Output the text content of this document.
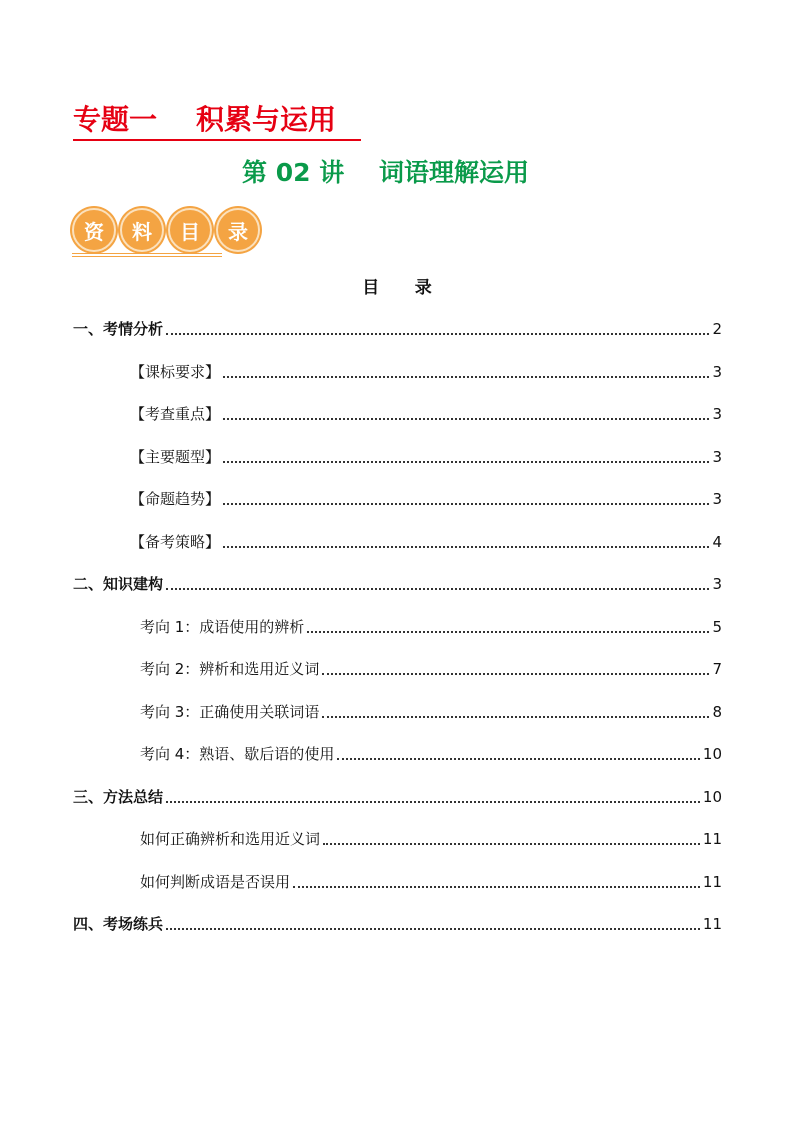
专题一    积累与运用
第 02 讲    词语理解运用
资	料	目	录
目      录
一、考情分析	2
【课标要求】	3
【考查重点】	3
【主要题型】	3
【命题趋势】	3
【备考策略】	4
二、知识建构	3
考向 1：成语使用的辨析	5
考向 2：辨析和选用近义词	7
考向 3：正确使用关联词语	8
考向 4：熟语、歇后语的使用	10
三、方法总结	10
如何正确辨析和选用近义词	11
如何判断成语是否误用	11
四、考场练兵	11
